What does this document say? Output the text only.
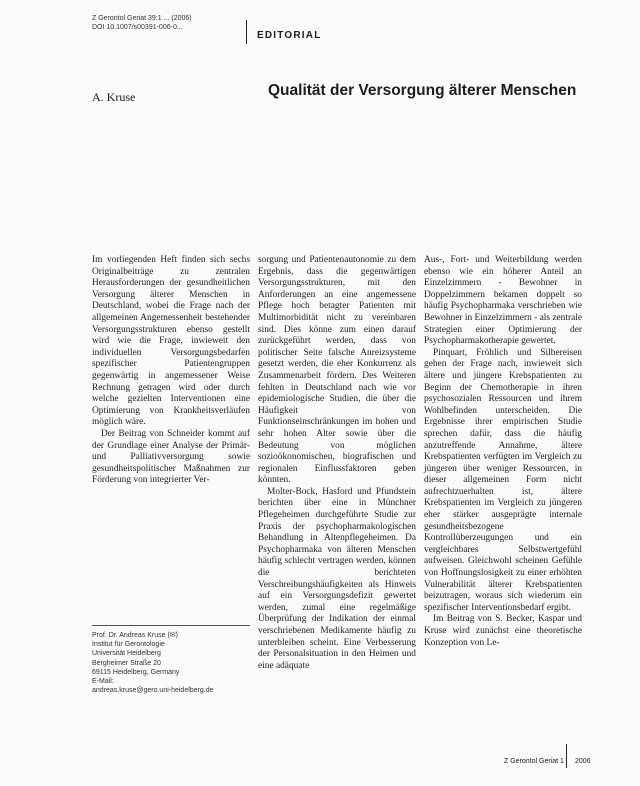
Z Gerontol Geriat 39:1 ... (2006)
DOI 10.1007/s00391-006-0...
EDITORIAL
A. Kruse	Qualität der Versorgung älterer Menschen

Im vorliegenden Heft finden sich sechs Originalbeiträge zu zentralen Herausforderungen der gesundheitlichen Versorgung älterer Menschen in Deutschland, wobei die Frage nach der allgemeinen Angemessenheit bestehender Versorgungsstrukturen ebenso gestellt wird wie die Frage, inwieweit den individuellen Versorgungsbedarfen spezifischer Patientengruppen gegenwärtig in angemessener Weise Rechnung getragen wird oder durch welche gezielten Interventionen eine Optimierung von Krankheitsverläufen möglich wäre.

Der Beitrag von Schneider kommt auf der Grundlage einer Analyse der Primär- und Palliativversorgung sowie gesundheitspolitischer Maßnahmen zur Förderung von integrierter Ver-

sorgung und Patientenautonomie zu dem Ergebnis, dass die gegenwärtigen Versorgungsstrukturen, mit den Anforderungen an eine angemessene Pflege hoch betagter Patienten mit Multimorbidität nicht zu vereinbaren sind. Dies könne zum einen darauf zurückgeführt werden, dass von politischer Seite falsche Anreizsysteme gesetzt werden, die eher Konkurrenz als Zusammenarbeit fördern. Des Weiteren fehlten in Deutschland nach wie vor epidemiologische Studien, die über die Häufigkeit von Funktionseinschränkungen im hohen und sehr hohen Alter sowie über die Bedeutung von möglichen sozioökonomischen, biografischen und regionalen Einflussfaktoren geben könnten.

Molter-Bock, Hasford und Pfundstein berichten über eine in Münchner Pflegeheimen durchgeführte Studie zur Praxis der psychopharmakologischen Behandlung in Altenpflegeheimen. Da Psychopharmaka von älteren Menschen häufig schlecht vertragen werden, können die berichteten Verschreibungshäufigkeiten als Hinweis auf ein Versorgungsdefizit gewertet werden, zumal eine regelmäßige Überprüfung der Indikation der einmal verschriebenen Medikamente häufig zu unterbleiben scheint. Eine Verbesserung der Personalsituation in den Heimen und eine adäquate

Aus-, Fort- und Weiterbildung werden ebenso wie ein höherer Anteil an Einzelzimmern - Bewohner in Doppelzimmern bekamen doppelt so häufig Psychopharmaka verschrieben wie Bewohner in Einzelzimmern - als zentrale Strategien einer Optimierung der Psychopharmakotherapie gewertet.

Pinquart, Fröhlich und Silbereisen gehen der Frage nach, inwieweit sich ältere und jüngere Krebspatienten zu Beginn der Chemotherapie in ihren psychosozialen Ressourcen und ihrem Wohlbefinden unterscheiden. Die Ergebnisse ihrer empirischen Studie sprechen dafür, dass die häufig anzutreffende Annahme, ältere Krebspatienten verfügten im Vergleich zu jüngeren über weniger Ressourcen, in dieser allgemeinen Form nicht aufrechtzuerhalten ist, ältere Krebspatienten im Vergleich zu jüngeren eher stärker ausgeprägte internale gesundheitsbezogene Kontrollüberzeugungen und ein vergleichbares Selbstwertgefühl aufweisen. Gleichwohl scheinen Gefühle von Hoffnungslosigkeit zu einer erhöhten Vulnerabilität älterer Krebspatienten beizutragen, woraus sich wiederum ein spezifischer Interventionsbedarf ergibt.

Im Beitrag von S. Becker, Kaspar und Kruse wird zunächst eine theoretische Konzeption von Le-

Prof. Dr. Andreas Kruse (✉)
Institut für Gerontologie
Universität Heidelberg
Bergheimer Straße 20
69115 Heidelberg, Germany
E-Mail:
andreas.kruse@gero.uni-heidelberg.de
Z Gerontol Geriat 1 2006
